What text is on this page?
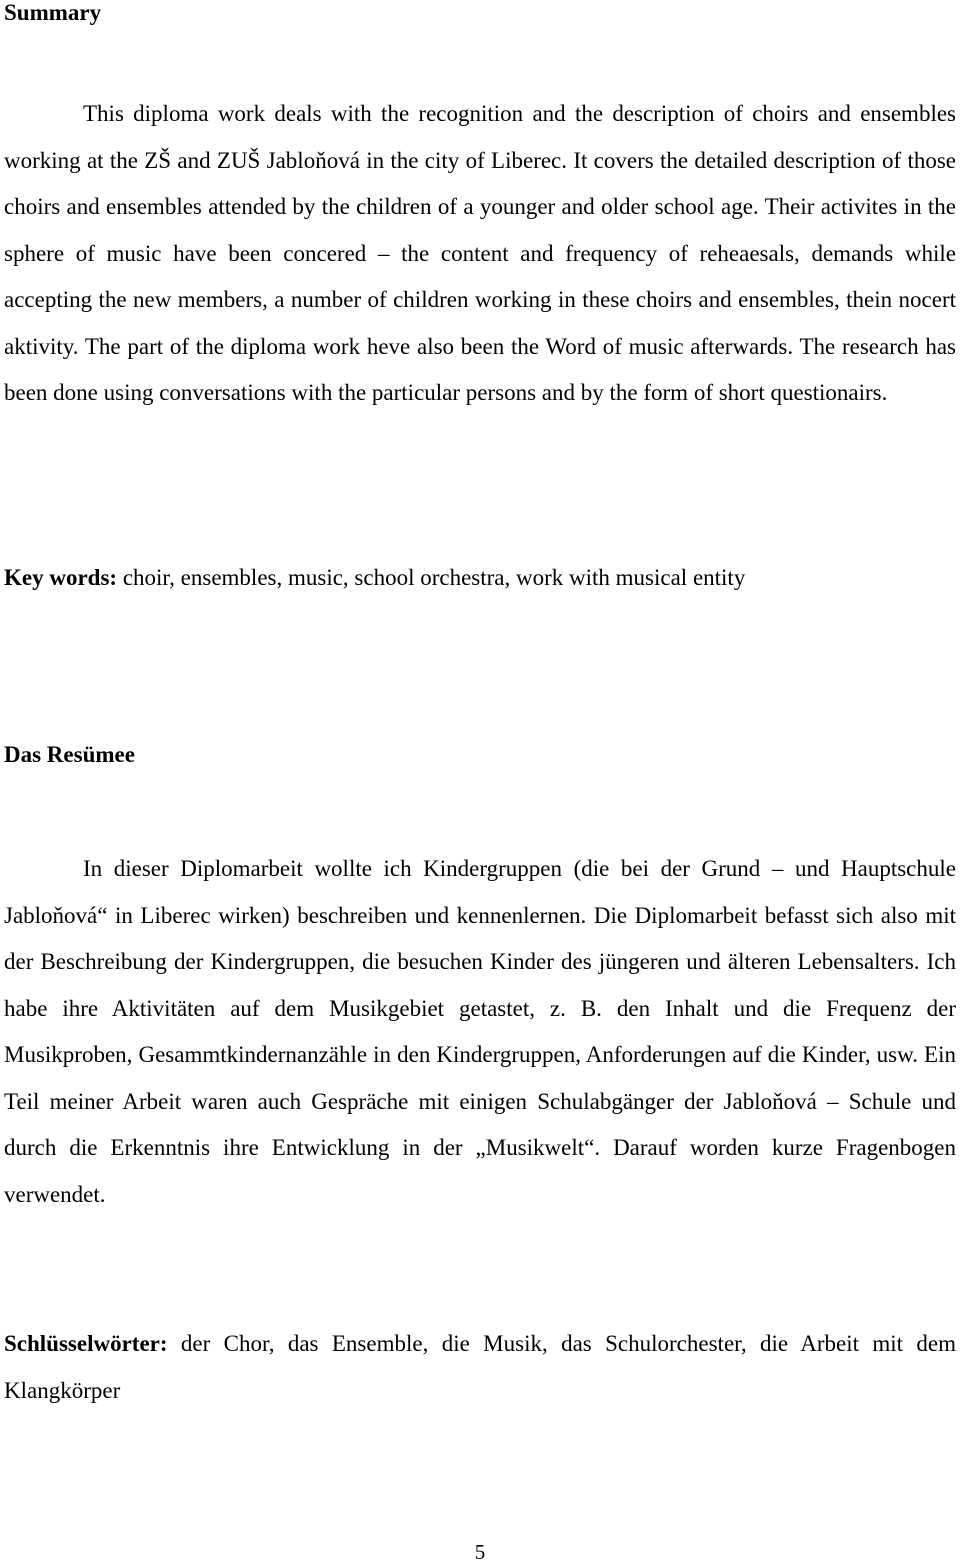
Summary

This diploma work deals with the recognition and the description of choirs and ensembles working at the ZŠ and ZUŠ Jabloňová in the city of Liberec. It covers the detailed description of those choirs and ensembles attended by the children of a younger and older school age. Their activites in the sphere of music have been concered – the content and frequency of reheaesals, demands while accepting the new members, a number of children working in these choirs and ensembles, thein nocert aktivity. The part of the diploma work heve also been the Word of music afterwards. The research has been done using conversations with the particular persons and by the form of short questionairs.

Key words: choir, ensembles, music, school orchestra, work with musical entity

Das Resümee

In dieser Diplomarbeit wollte ich Kindergruppen (die bei der Grund – und Hauptschule Jabloňová“ in Liberec wirken) beschreiben und kennenlernen. Die Diplomarbeit befasst sich also mit der Beschreibung der Kindergruppen, die besuchen Kinder des jüngeren und älteren Lebensalters. Ich habe ihre Aktivitäten auf dem Musikgebiet getastet, z. B. den Inhalt und die Frequenz der Musikproben, Gesammtkindernanzähle in den Kindergruppen, Anforderungen auf die Kinder, usw. Ein Teil meiner Arbeit waren auch Gespräche mit einigen Schulabgänger der Jabloňová – Schule und durch die Erkenntnis ihre Entwicklung in der „Musikwelt“. Darauf worden kurze Fragenbogen verwendet.

Schlüsselwörter: der Chor, das Ensemble, die Musik, das Schulorchester, die Arbeit mit dem Klangkörper

5
